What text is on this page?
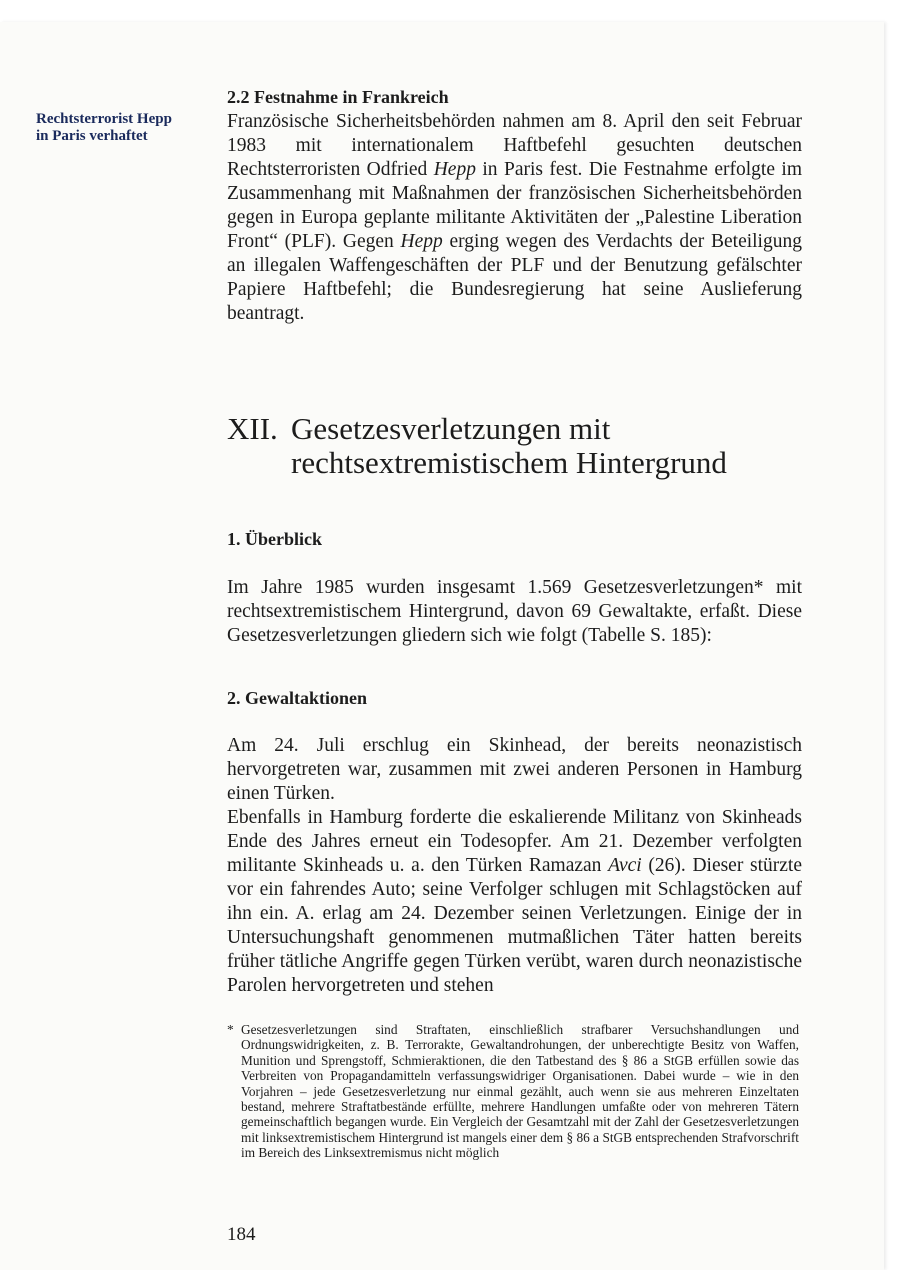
Rechtsterrorist Hepp
in Paris verhaftet
2.2 Festnahme in Frankreich
Französische Sicherheitsbehörden nahmen am 8. April den seit Februar 1983 mit internationalem Haftbefehl gesuchten deutschen Rechtsterroristen Odfried Hepp in Paris fest. Die Festnahme erfolgte im Zusammenhang mit Maßnahmen der französischen Sicherheitsbehörden gegen in Europa geplante militante Aktivitäten der „Palestine Liberation Front“ (PLF). Gegen Hepp erging wegen des Verdachts der Beteiligung an illegalen Waffengeschäften der PLF und der Benutzung gefälschter Papiere Haftbefehl; die Bundesregierung hat seine Auslieferung beantragt.
XII. Gesetzesverletzungen mit
rechtsextremistischem Hintergrund
1. Überblick

Im Jahre 1985 wurden insgesamt 1.569 Gesetzesverletzungen* mit rechtsextremistischem Hintergrund, davon 69 Gewaltakte, erfaßt. Diese Gesetzesverletzungen gliedern sich wie folgt (Tabelle S. 185):

2. Gewaltaktionen

Am 24. Juli erschlug ein Skinhead, der bereits neonazistisch hervorgetreten war, zusammen mit zwei anderen Personen in Hamburg einen Türken.

Ebenfalls in Hamburg forderte die eskalierende Militanz von Skinheads Ende des Jahres erneut ein Todesopfer. Am 21. Dezember verfolgten militante Skinheads u. a. den Türken Ramazan Avci (26). Dieser stürzte vor ein fahrendes Auto; seine Verfolger schlugen mit Schlagstöcken auf ihn ein. A. erlag am 24. Dezember seinen Verletzungen. Einige der in Untersuchungshaft genommenen mutmaßlichen Täter hatten bereits früher tätliche Angriffe gegen Türken verübt, waren durch neonazistische Parolen hervorgetreten und stehen

* Gesetzesverletzungen sind Straftaten, einschließlich strafbarer Versuchshandlungen und Ordnungswidrigkeiten, z. B. Terrorakte, Gewaltandrohungen, der unberechtigte Besitz von Waffen, Munition und Sprengstoff, Schmieraktionen, die den Tatbestand des § 86 a StGB erfüllen sowie das Verbreiten von Propagandamitteln verfassungswidriger Organisationen. Dabei wurde – wie in den Vorjahren – jede Gesetzesverletzung nur einmal gezählt, auch wenn sie aus mehreren Einzeltaten bestand, mehrere Straftatbestände erfüllte, mehrere Handlungen umfaßte oder von mehreren Tätern gemeinschaftlich begangen wurde. Ein Vergleich der Gesamtzahl mit der Zahl der Gesetzesverletzungen mit linksextremistischem Hintergrund ist mangels einer dem § 86 a StGB entsprechenden Strafvorschrift im Bereich des Linksextremismus nicht möglich
184
